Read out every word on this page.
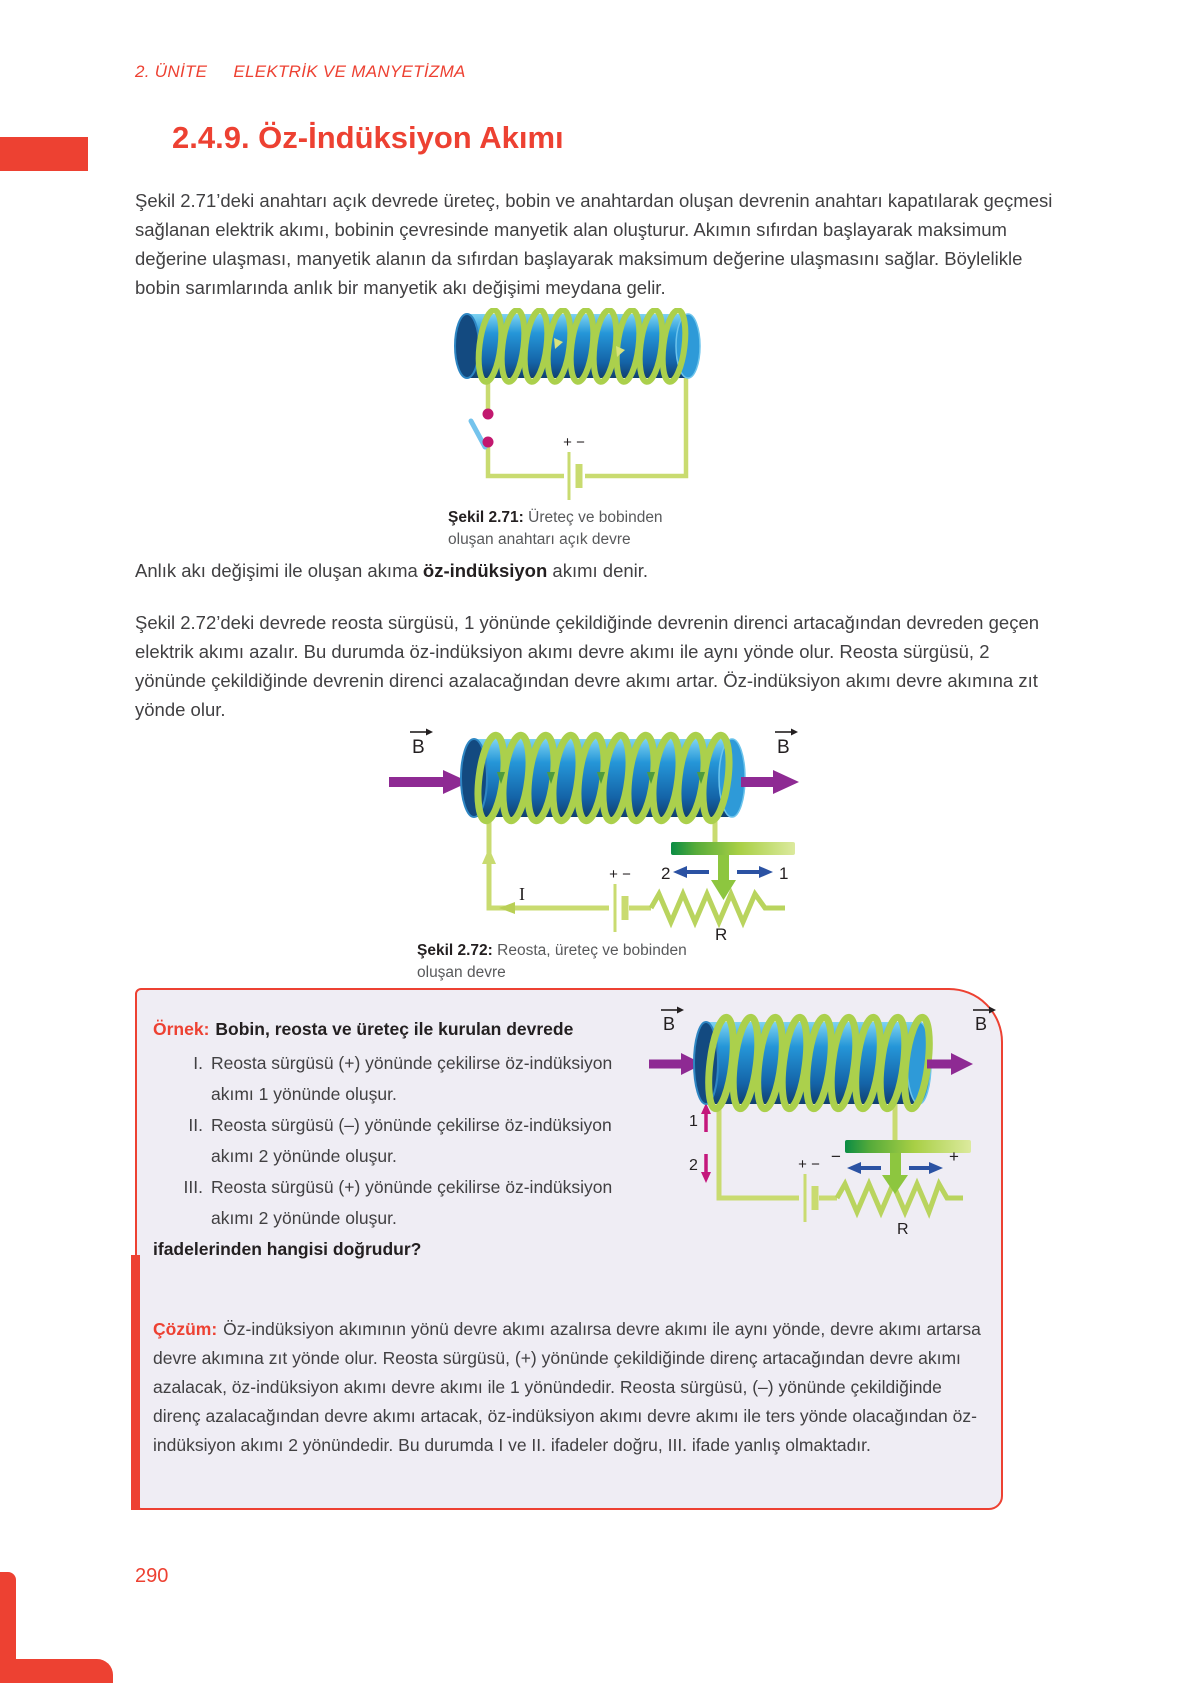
2. ÜNİTE ELEKTRİK VE MANYETİZMA
2.4.9. Öz-İndüksiyon Akımı

Şekil 2.71’deki anahtarı açık devrede üreteç, bobin ve anahtardan oluşan devrenin anahtarı kapatılarak geçmesi sağlanan elektrik akımı, bobinin çevresinde manyetik alan oluşturur. Akımın sıfırdan başlayarak maksimum değerine ulaşması, manyetik alanın da sıfırdan başlayarak maksimum değerine ulaşmasını sağlar. Böylelikle bobin sarımlarında anlık bir manyetik akı değişimi meydana gelir.

+ −

Şekil 2.71: Üreteç ve bobinden oluşan anahtarı açık devre

Anlık akı değişimi ile oluşan akıma öz-indüksiyon akımı denir.

Şekil 2.72’deki devrede reosta sürgüsü, 1 yönünde çekildiğinde devrenin direnci artacağından devreden geçen elektrik akımı azalır. Bu durumda öz-indüksiyon akımı devre akımı ile aynı yönde olur. Reosta sürgüsü, 2 yönünde çekildiğinde devrenin direnci azalacağından devre akımı artar. Öz-indüksiyon akımı devre akımına zıt yönde olur.

B
I
+ −
R
2	1
B

Şekil 2.72: Reosta, üreteç ve bobinden oluşan devre

Örnek: Bobin, reosta ve üreteç ile kurulan devrede

I. Reosta sürgüsü (+) yönünde çekilirse öz-indüksiyon akımı 1 yönünde oluşur.
II. Reosta sürgüsü (–) yönünde çekilirse öz-indüksiyon akımı 2 yönünde oluşur.
III. Reosta sürgüsü (+) yönünde çekilirse öz-indüksiyon akımı 2 yönünde oluşur.

ifadelerinden hangisi doğrudur?

Çözüm: Öz-indüksiyon akımının yönü devre akımı azalırsa devre akımı ile aynı yönde, devre akımı artarsa devre akımına zıt yönde olur. Reosta sürgüsü, (+) yönünde çekildiğinde direnç artacağından devre akımı azalacak, öz-indüksiyon akımı devre akımı ile 1 yönündedir. Reosta sürgüsü, (–) yönünde çekildiğinde direnç azalacağından devre akımı artacak, öz-indüksiyon akımı devre akımı ile ters yönde olacağından öz-indüksiyon akımı 2 yönündedir. Bu durumda I ve II. ifadeler doğru, III. ifade yanlış olmaktadır.

B
1
2	+ −
R
−	+
B
290
